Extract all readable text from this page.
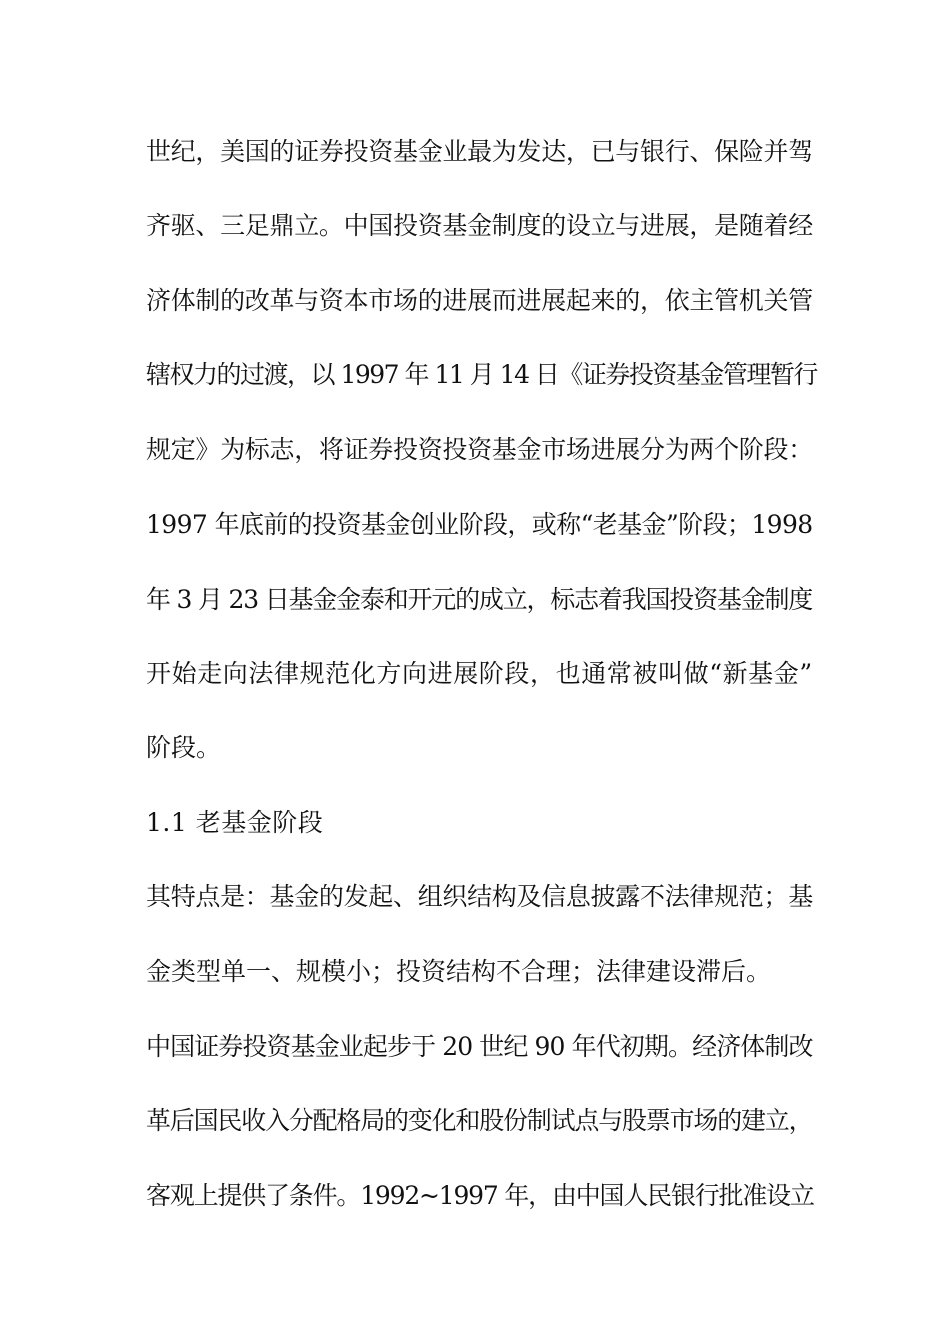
世纪，美国的证券投资基金业最为发达，已与银行、保险并驾
齐驱、三足鼎立。中国投资基金制度的设立与进展，是随着经
济体制的改革与资本市场的进展而进展起来的，依主管机关管
辖权力的过渡，以 1997 年 11 月 14 日《证券投资基金管理暂行
规定》为标志，将证券投资投资基金市场进展分为两个阶段：
1997 年底前的投资基金创业阶段，或称“老基金”阶段；1998
年 3 月 23 日基金金泰和开元的成立，标志着我国投资基金制度
开始走向法律规范化方向进展阶段，也通常被叫做“新基金”
阶段。
1.1 老基金阶段
其特点是：基金的发起、组织结构及信息披露不法律规范；基
金类型单一、规模小；投资结构不合理；法律建设滞后。
中国证券投资基金业起步于 20 世纪 90 年代初期。经济体制改
革后国民收入分配格局的变化和股份制试点与股票市场的建立，
客观上提供了条件。1992~1997 年，由中国人民银行批准设立
